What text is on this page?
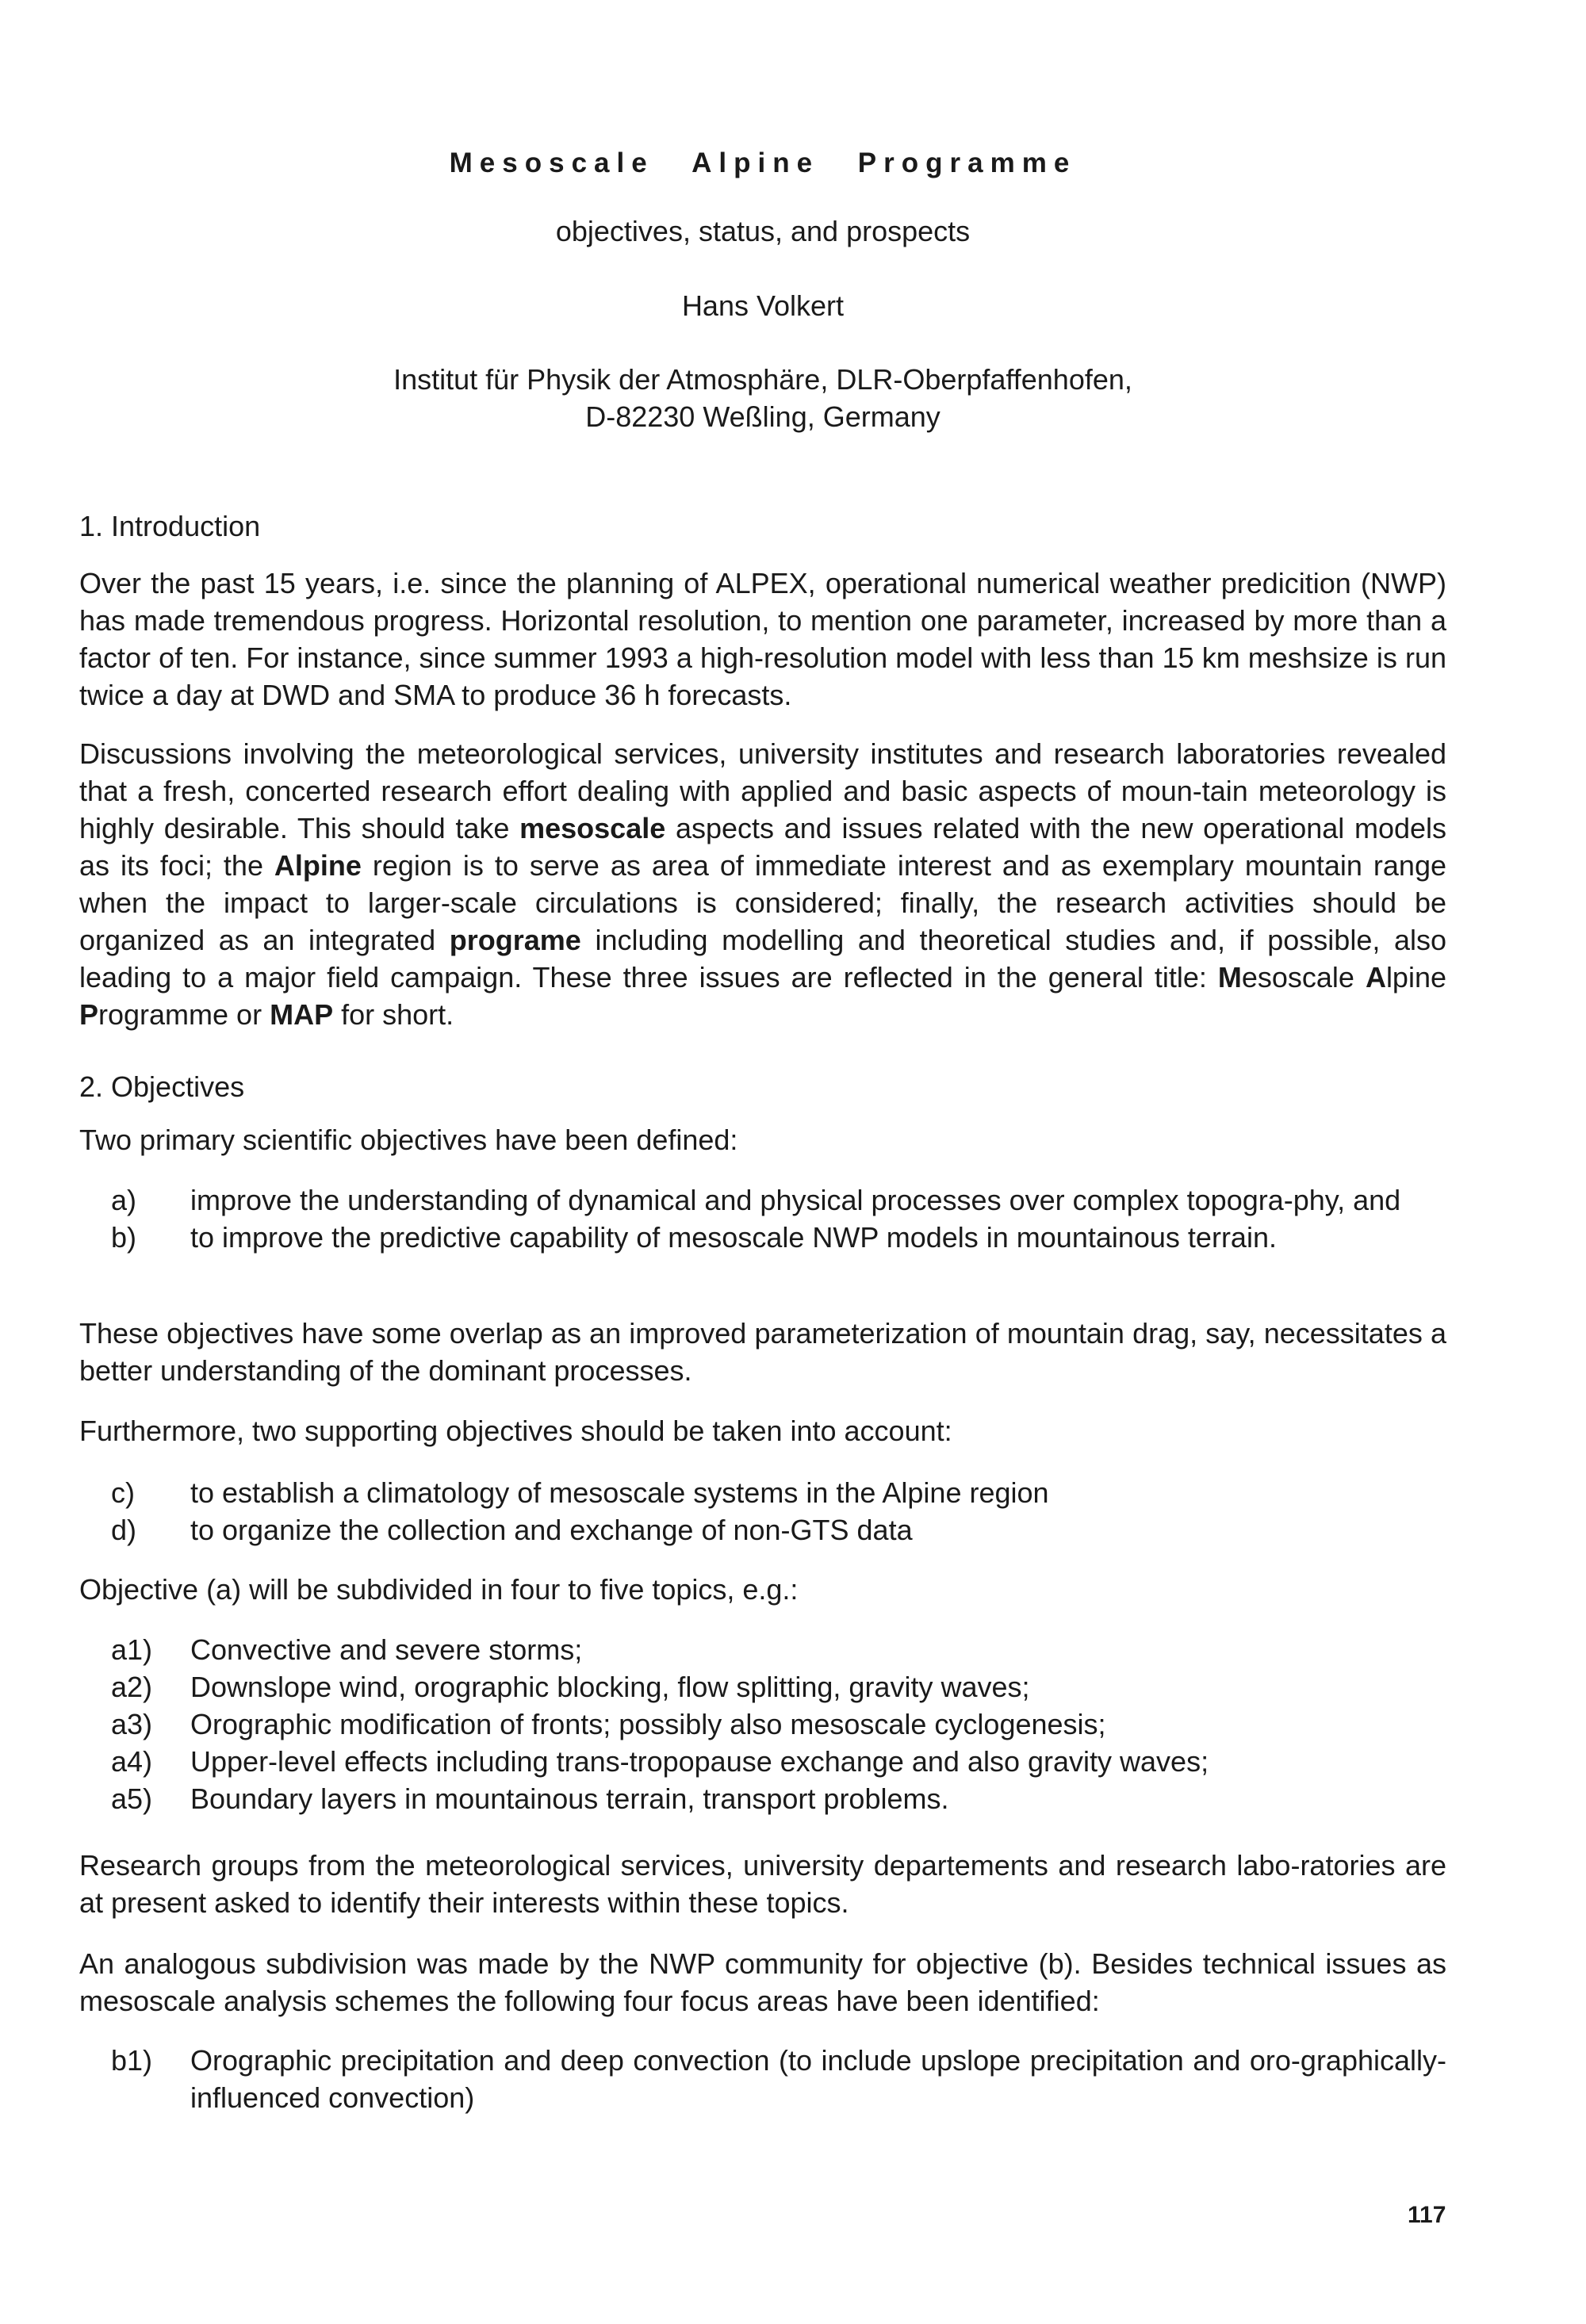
Mesoscale Alpine Programme
objectives, status, and prospects
Hans Volkert
Institut für Physik der Atmosphäre, DLR-Oberpfaffenhofen,
D-82230 Weßling, Germany
1. Introduction
Over the past 15 years, i.e. since the planning of ALPEX, operational numerical weather predicition (NWP) has made tremendous progress. Horizontal resolution, to mention one parameter, increased by more than a factor of ten. For instance, since summer 1993 a high-resolution model with less than 15 km meshsize is run twice a day at DWD and SMA to produce 36 h forecasts.
Discussions involving the meteorological services, university institutes and research laboratories revealed that a fresh, concerted research effort dealing with applied and basic aspects of moun-tain meteorology is highly desirable. This should take mesoscale aspects and issues related with the new operational models as its foci; the Alpine region is to serve as area of immediate interest and as exemplary mountain range when the impact to larger-scale circulations is considered; finally, the research activities should be organized as an integrated programe including modelling and theoretical studies and, if possible, also leading to a major field campaign. These three issues are reflected in the general title: Mesoscale Alpine Programme or MAP for short.
2. Objectives
Two primary scientific objectives have been defined:
a) improve the understanding of dynamical and physical processes over complex topogra-phy, and
b) to improve the predictive capability of mesoscale NWP models in mountainous terrain.
These objectives have some overlap as an improved parameterization of mountain drag, say, necessitates a better understanding of the dominant processes.
Furthermore, two supporting objectives should be taken into account:
c) to establish a climatology of mesoscale systems in the Alpine region
d) to organize the collection and exchange of non-GTS data
Objective (a) will be subdivided in four to five topics, e.g.:
a1) Convective and severe storms;
a2) Downslope wind, orographic blocking, flow splitting, gravity waves;
a3) Orographic modification of fronts; possibly also mesoscale cyclogenesis;
a4) Upper-level effects including trans-tropopause exchange and also gravity waves;
a5) Boundary layers in mountainous terrain, transport problems.
Research groups from the meteorological services, university departements and research labo-ratories are at present asked to identify their interests within these topics.
An analogous subdivision was made by the NWP community for objective (b). Besides technical issues as mesoscale analysis schemes the following four focus areas have been identified:
b1) Orographic precipitation and deep convection (to include upslope precipitation and oro-graphically-influenced convection)
117
